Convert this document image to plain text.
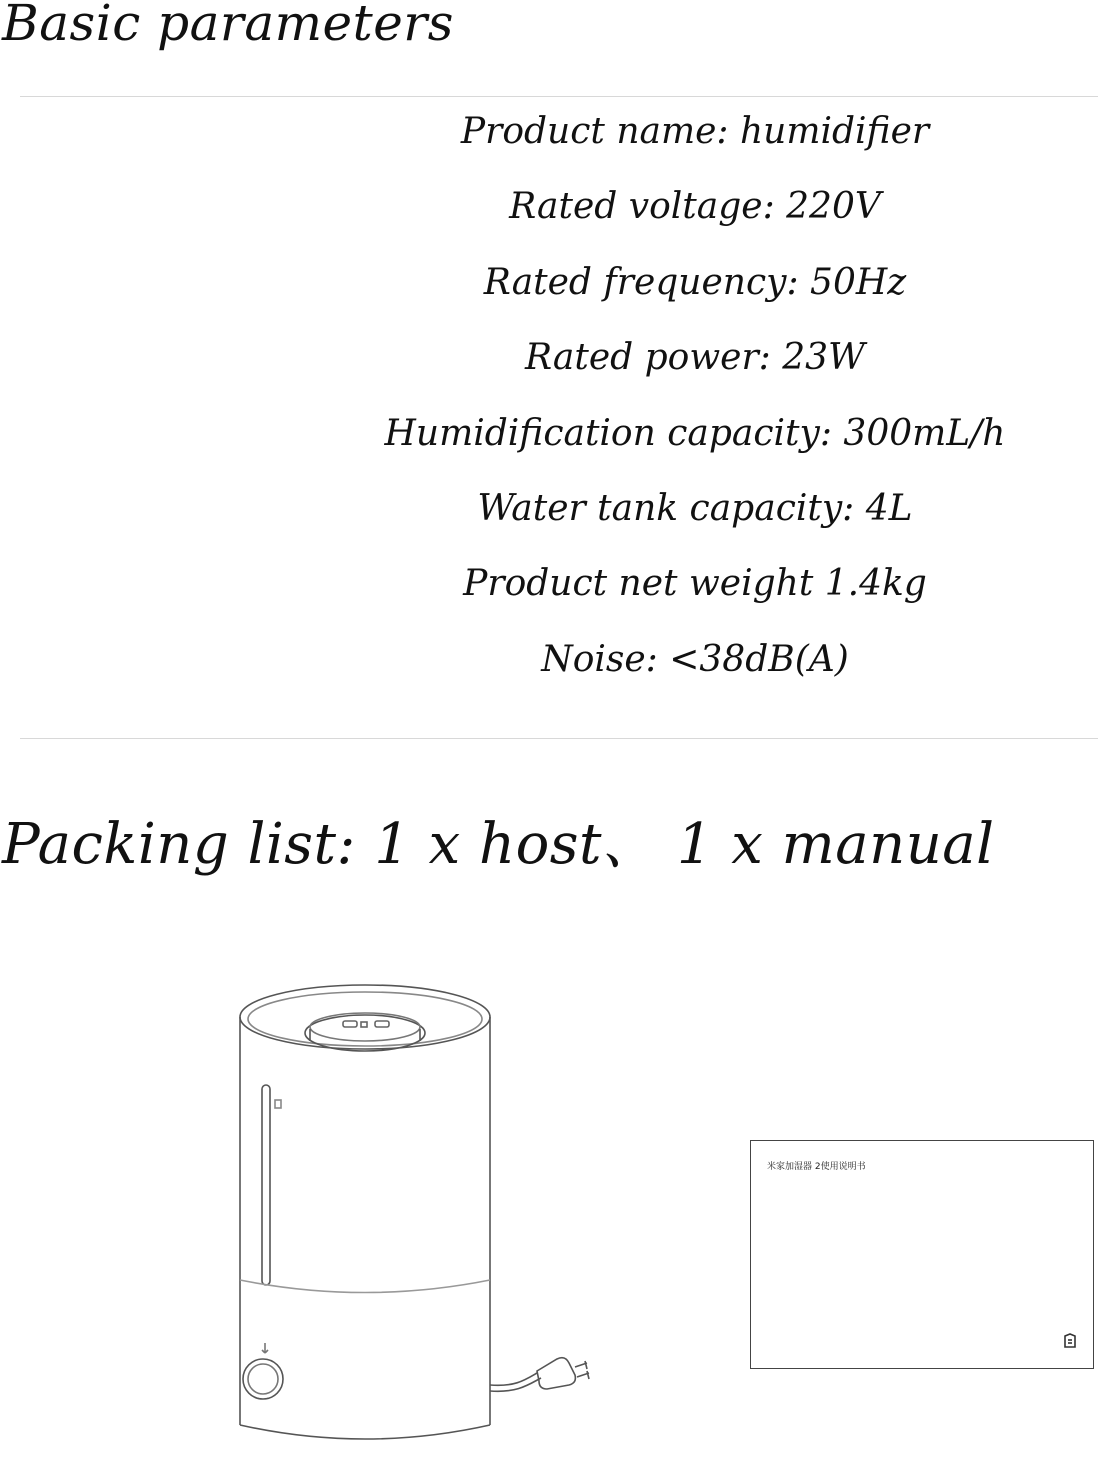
Basic parameters
Product name: humidifier
Rated voltage: 220V
Rated frequency: 50Hz
Rated power: 23W
Humidification capacity: 300mL/h
Water tank capacity: 4L
Product net weight 1.4kg
Noise: <38dB(A)
Packing list: 1 x host、 1 x manual
米家加湿器 2使用说明书
